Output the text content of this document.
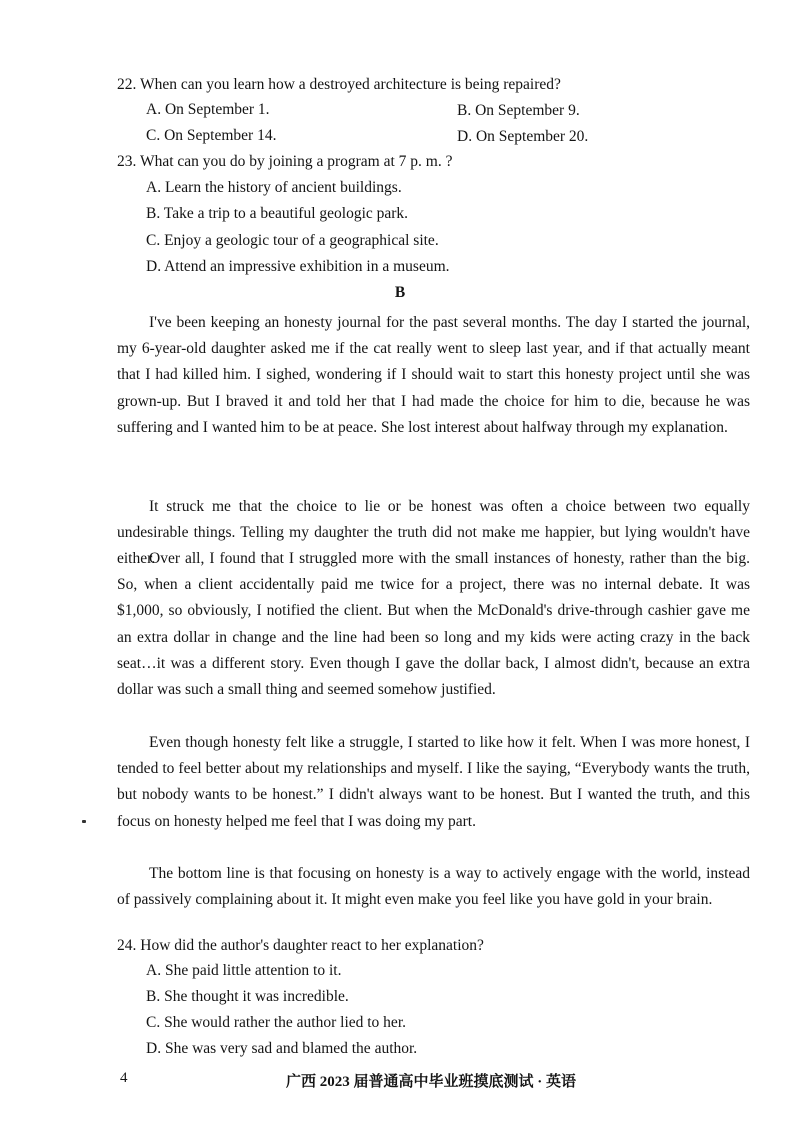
22. When can you learn how a destroyed architecture is being repaired?
A. On September 1.	B. On September 9.
C. On September 14.	D. On September 20.
23. What can you do by joining a program at 7 p. m. ?
A. Learn the history of ancient buildings.
B. Take a trip to a beautiful geologic park.
C. Enjoy a geologic tour of a geographical site.
D. Attend an impressive exhibition in a museum.
B
I've been keeping an honesty journal for the past several months. The day I started the journal, my 6-year-old daughter asked me if the cat really went to sleep last year, and if that actually meant that I had killed him. I sighed, wondering if I should wait to start this honesty project until she was grown-up. But I braved it and told her that I had made the choice for him to die, because he was suffering and I wanted him to be at peace. She lost interest about halfway through my explanation.
It struck me that the choice to lie or be honest was often a choice between two equally undesirable things. Telling my daughter the truth did not make me happier, but lying wouldn't have either.
Over all, I found that I struggled more with the small instances of honesty, rather than the big. So, when a client accidentally paid me twice for a project, there was no internal debate. It was $1,000, so obviously, I notified the client. But when the McDonald's drive-through cashier gave me an extra dollar in change and the line had been so long and my kids were acting crazy in the back seat…it was a different story. Even though I gave the dollar back, I almost didn't, because an extra dollar was such a small thing and seemed somehow justified.
Even though honesty felt like a struggle, I started to like how it felt. When I was more honest, I tended to feel better about my relationships and myself. I like the saying, “Everybody wants the truth, but nobody wants to be honest.” I didn't always want to be honest. But I wanted the truth, and this focus on honesty helped me feel that I was doing my part.
The bottom line is that focusing on honesty is a way to actively engage with the world, instead of passively complaining about it. It might even make you feel like you have gold in your brain.
24. How did the author's daughter react to her explanation?
A. She paid little attention to it.
B. She thought it was incredible.
C. She would rather the author lied to her.
D. She was very sad and blamed the author.
4	广西 2023 届普通高中毕业班摸底测试 · 英语
